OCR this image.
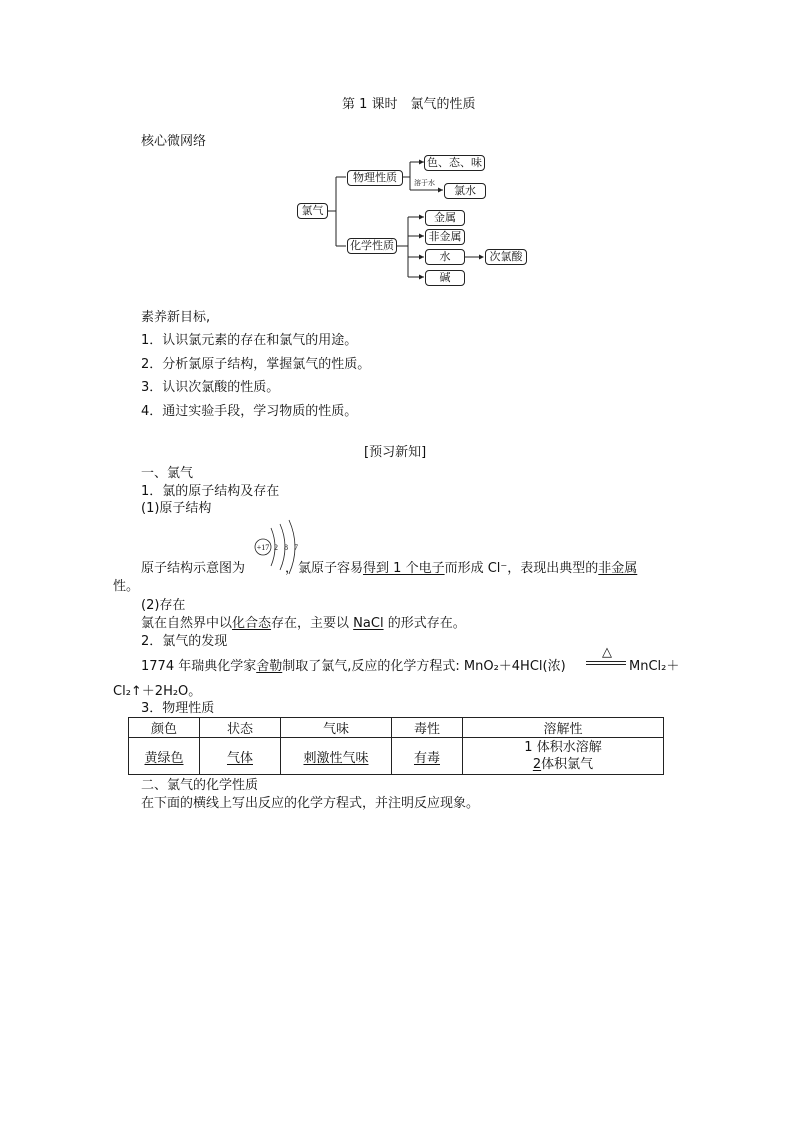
第 1 课时　氯气的性质
核心微网络
氯气
物理性质
色、态、味
溶于水
氯水
化学性质
金属
非金属
水
碱
次氯酸
素养新目标,
1．认识氯元素的存在和氯气的用途。
2．分析氯原子结构，掌握氯气的性质。
3．认识次氯酸的性质。
4．通过实验手段，学习物质的性质。
[预习新知]
一、氯气
1．氯的原子结构及存在
(1)原子结构
+17 2 8 7
原子结构示意图为	，氯原子容易得到 1 个电子而形成 Cl⁻，表现出典型的非金属
性。
(2)存在
氯在自然界中以化合态存在，主要以 NaCl 的形式存在。
2．氯气的发现
1774 年瑞典化学家舍勒制取了氯气,反应的化学方程式: MnO₂＋4HCl(浓)
△
MnCl₂＋
Cl₂↑＋2H₂O。
3．物理性质
颜色	状态	气味	毒性	溶解性
黄绿色	气体	刺激性气味	有毒	1 体积水溶解
2体积氯气
二、氯气的化学性质
在下面的横线上写出反应的化学方程式，并注明反应现象。
